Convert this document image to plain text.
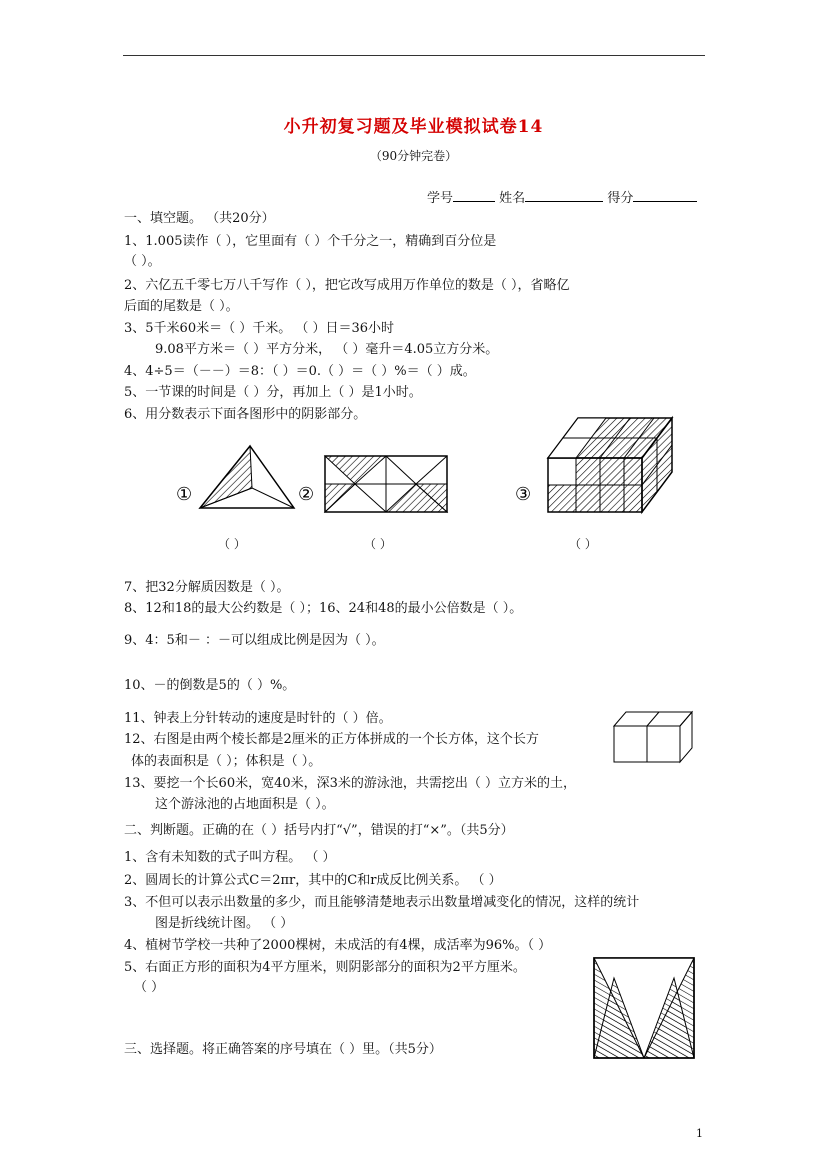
小升初复习题及毕业模拟试卷14
（90分钟完卷）
学号	姓名	得分
一、填空题。 （共20分）
1、1.005读作（ ），它里面有（ ）个千分之一，精确到百分位是
（ ）。
2、六亿五千零七万八千写作（ ），把它改写成用万作单位的数是（ ），省略亿
后面的尾数是（ ）。
3、5千米60米＝（ ）千米。 （ ）日＝36小时
9.08平方米＝（ ）平方分米， （ ）毫升＝4.05立方分米。
4、4÷5＝（－－）＝8：（ ）＝0.（ ）＝（ ）%＝（ ）成。
5、一节课的时间是（ ）分，再加上（ ）是1小时。
6、用分数表示下面各图形中的阴影部分。
①	②	③
（ ）	（ ）	（ ）
7、把32分解质因数是（ ）。
8、12和18的最大公约数是（ ）；16、24和48的最小公倍数是（ ）。
9、4：5和－ ：－可以组成比例是因为（ ）。
10、－的倒数是5的（ ）%。
11、钟表上分针转动的速度是时针的（ ）倍。
12、右图是由两个棱长都是2厘米的正方体拼成的一个长方体，这个长方
体的表面积是（ ）；体积是（ ）。
13、要挖一个长60米，宽40米，深3米的游泳池，共需挖出（ ）立方米的土，
这个游泳池的占地面积是（ ）。
二、判断题。正确的在（ ）括号内打“√”，错误的打“×”。（共5分）
1、含有未知数的式子叫方程。 （ ）
2、圆周长的计算公式C＝2πr，其中的C和r成反比例关系。 （ ）
3、不但可以表示出数量的多少，而且能够清楚地表示出数量增减变化的情况，这样的统计
图是折线统计图。 （ ）
4、植树节学校一共种了2000棵树，未成活的有4棵，成活率为96%。（ ）
5、右面正方形的面积为4平方厘米，则阴影部分的面积为2平方厘米。
（ ）
三、选择题。将正确答案的序号填在（ ）里。（共5分）
1
